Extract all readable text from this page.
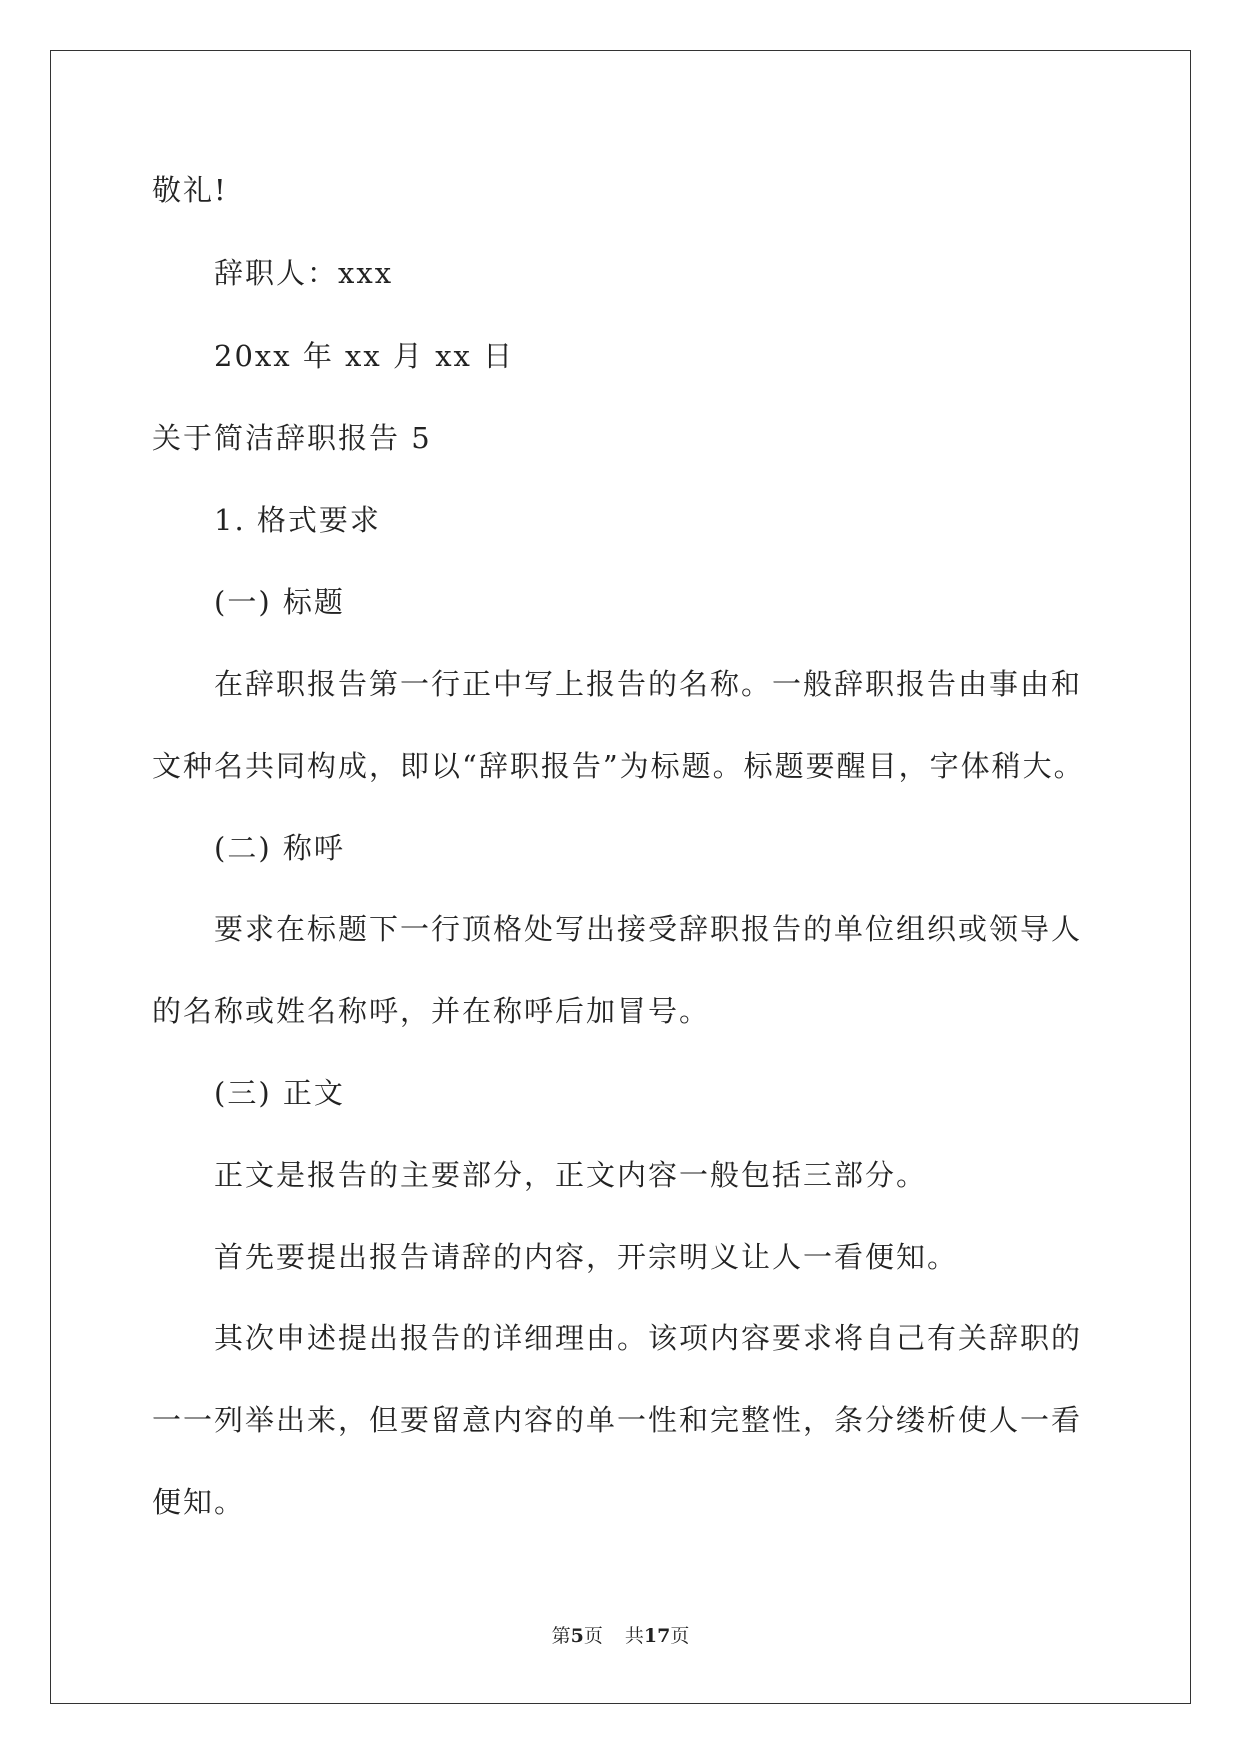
敬礼!
辞职人：xxx
20xx 年 xx 月 xx 日
关于简洁辞职报告 5
1. 格式要求
(一) 标题
在辞职报告第一行正中写上报告的名称。一般辞职报告由事由和
文种名共同构成，即以“辞职报告”为标题。标题要醒目，字体稍大。
(二) 称呼
要求在标题下一行顶格处写出接受辞职报告的单位组织或领导人
的名称或姓名称呼，并在称呼后加冒号。
(三) 正文
正文是报告的主要部分，正文内容一般包括三部分。
首先要提出报告请辞的内容，开宗明义让人一看便知。
其次申述提出报告的详细理由。该项内容要求将自己有关辞职的
一一列举出来，但要留意内容的单一性和完整性，条分缕析使人一看
便知。
第5页 共17页
